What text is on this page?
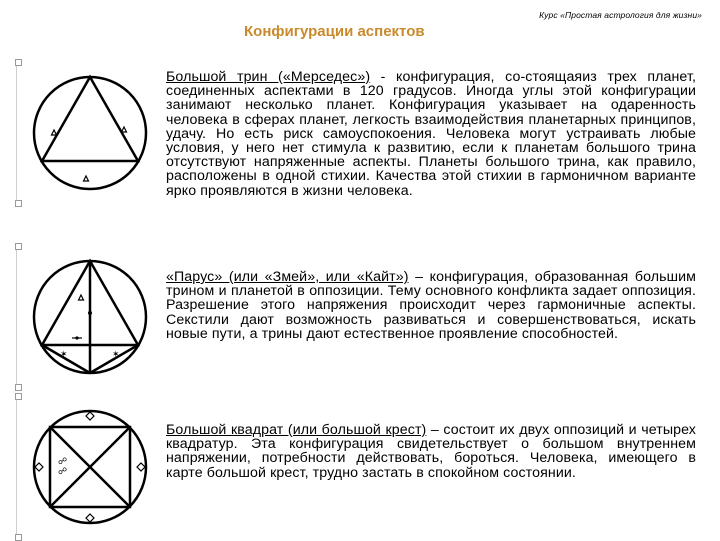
Курс «Простая астрология для жизни»
Конфигурации аспектов

Большой трин («Мерседес») - конфигурация, со-стоящаяиз трех планет, соединенных аспектами в 120 градусов. Иногда углы этой конфигурации занимают несколько планет. Конфигурация указывает на одаренность человека в сферах планет, легкость взаимодействия планетарных принципов, удачу. Но есть риск самоуспокоения. Человека могут устраивать любые условия, у него нет стимула к развитию, если к планетам большого трина отсутствуют напряженные аспекты. Планеты большого трина, как правило, расположены в одной стихии. Качества этой стихии в гармоничном варианте ярко проявляются в жизни человека.

✶	✶

«Парус» (или «Змей», или «Кайт») – конфигурация, образованная большим трином и планетой в оппозиции. Тему основного конфликта задает оппозиция. Разрешение этого напряжения происходит через гармоничные аспекты. Секстили дают возможность развиваться и совершенствоваться, искать новые пути, а трины дают естественное проявление способностей.

☍
☍

Большой квадрат (или большой крест) – состоит их двух оппозиций и четырех квадратур. Эта конфигурация свидетельствует о большом внутреннем напряжении, потребности действовать, бороться. Человека, имеющего в карте большой крест, трудно застать в спокойном состоянии.
